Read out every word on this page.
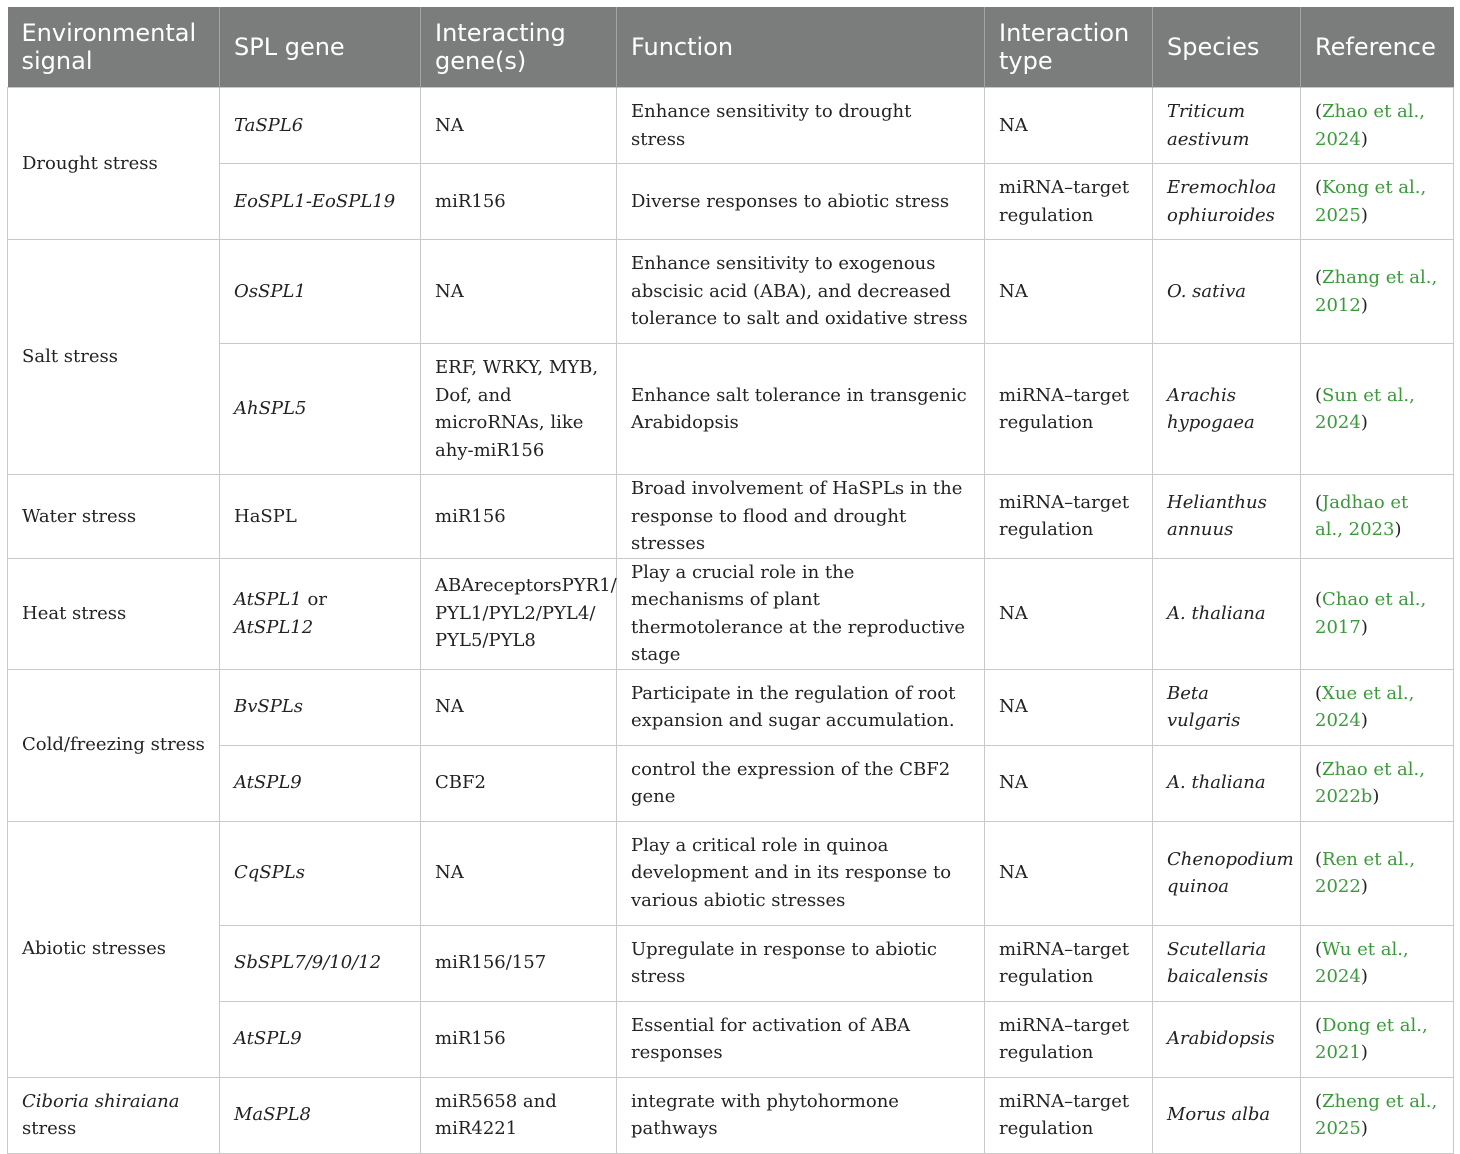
Environmental signal	SPL gene	Interacting gene(s)	Function	Interaction type	Species	Reference
Drought stress	TaSPL6	NA	Enhance sensitivity to drought stress	NA	Triticum aestivum	(Zhao et al., 2024)
	EoSPL1-EoSPL19	miR156	Diverse responses to abiotic stress	miRNA–target regulation	Eremochloa ophiuroides	(Kong et al., 2025)
Salt stress	OsSPL1	NA	Enhance sensitivity to exogenous abscisic acid (ABA), and decreased tolerance to salt and oxidative stress	NA	O. sativa	(Zhang et al., 2012)
	AhSPL5	ERF, WRKY, MYB, Dof, and microRNAs, like ahy-miR156	Enhance salt tolerance in transgenic Arabidopsis	miRNA–target regulation	Arachis hypogaea	(Sun et al., 2024)
Water stress	HaSPL	miR156	Broad involvement of HaSPLs in the response to flood and drought stresses	miRNA–target regulation	Helianthus annuus	(Jadhao et al., 2023)
Heat stress	AtSPL1 or AtSPL12	ABAreceptorsPYR1/ PYL1/PYL2/PYL4/ PYL5/PYL8	Play a crucial role in the mechanisms of plant thermotolerance at the reproductive stage	NA	A. thaliana	(Chao et al., 2017)
Cold/freezing stress	BvSPLs	NA	Participate in the regulation of root expansion and sugar accumulation.	NA	Beta vulgaris	(Xue et al., 2024)
	AtSPL9	CBF2	control the expression of the CBF2 gene	NA	A. thaliana	(Zhao et al., 2022b)
Abiotic stresses	CqSPLs	NA	Play a critical role in quinoa development and in its response to various abiotic stresses	NA	Chenopodium quinoa	(Ren et al., 2022)
	SbSPL7/9/10/12	miR156/157	Upregulate in response to abiotic stress	miRNA–target regulation	Scutellaria baicalensis	(Wu et al., 2024)
	AtSPL9	miR156	Essential for activation of ABA responses	miRNA–target regulation	Arabidopsis	(Dong et al., 2021)
Ciboria shiraiana stress	MaSPL8	miR5658 and miR4221	integrate with phytohormone pathways	miRNA–target regulation	Morus alba	(Zheng et al., 2025)
